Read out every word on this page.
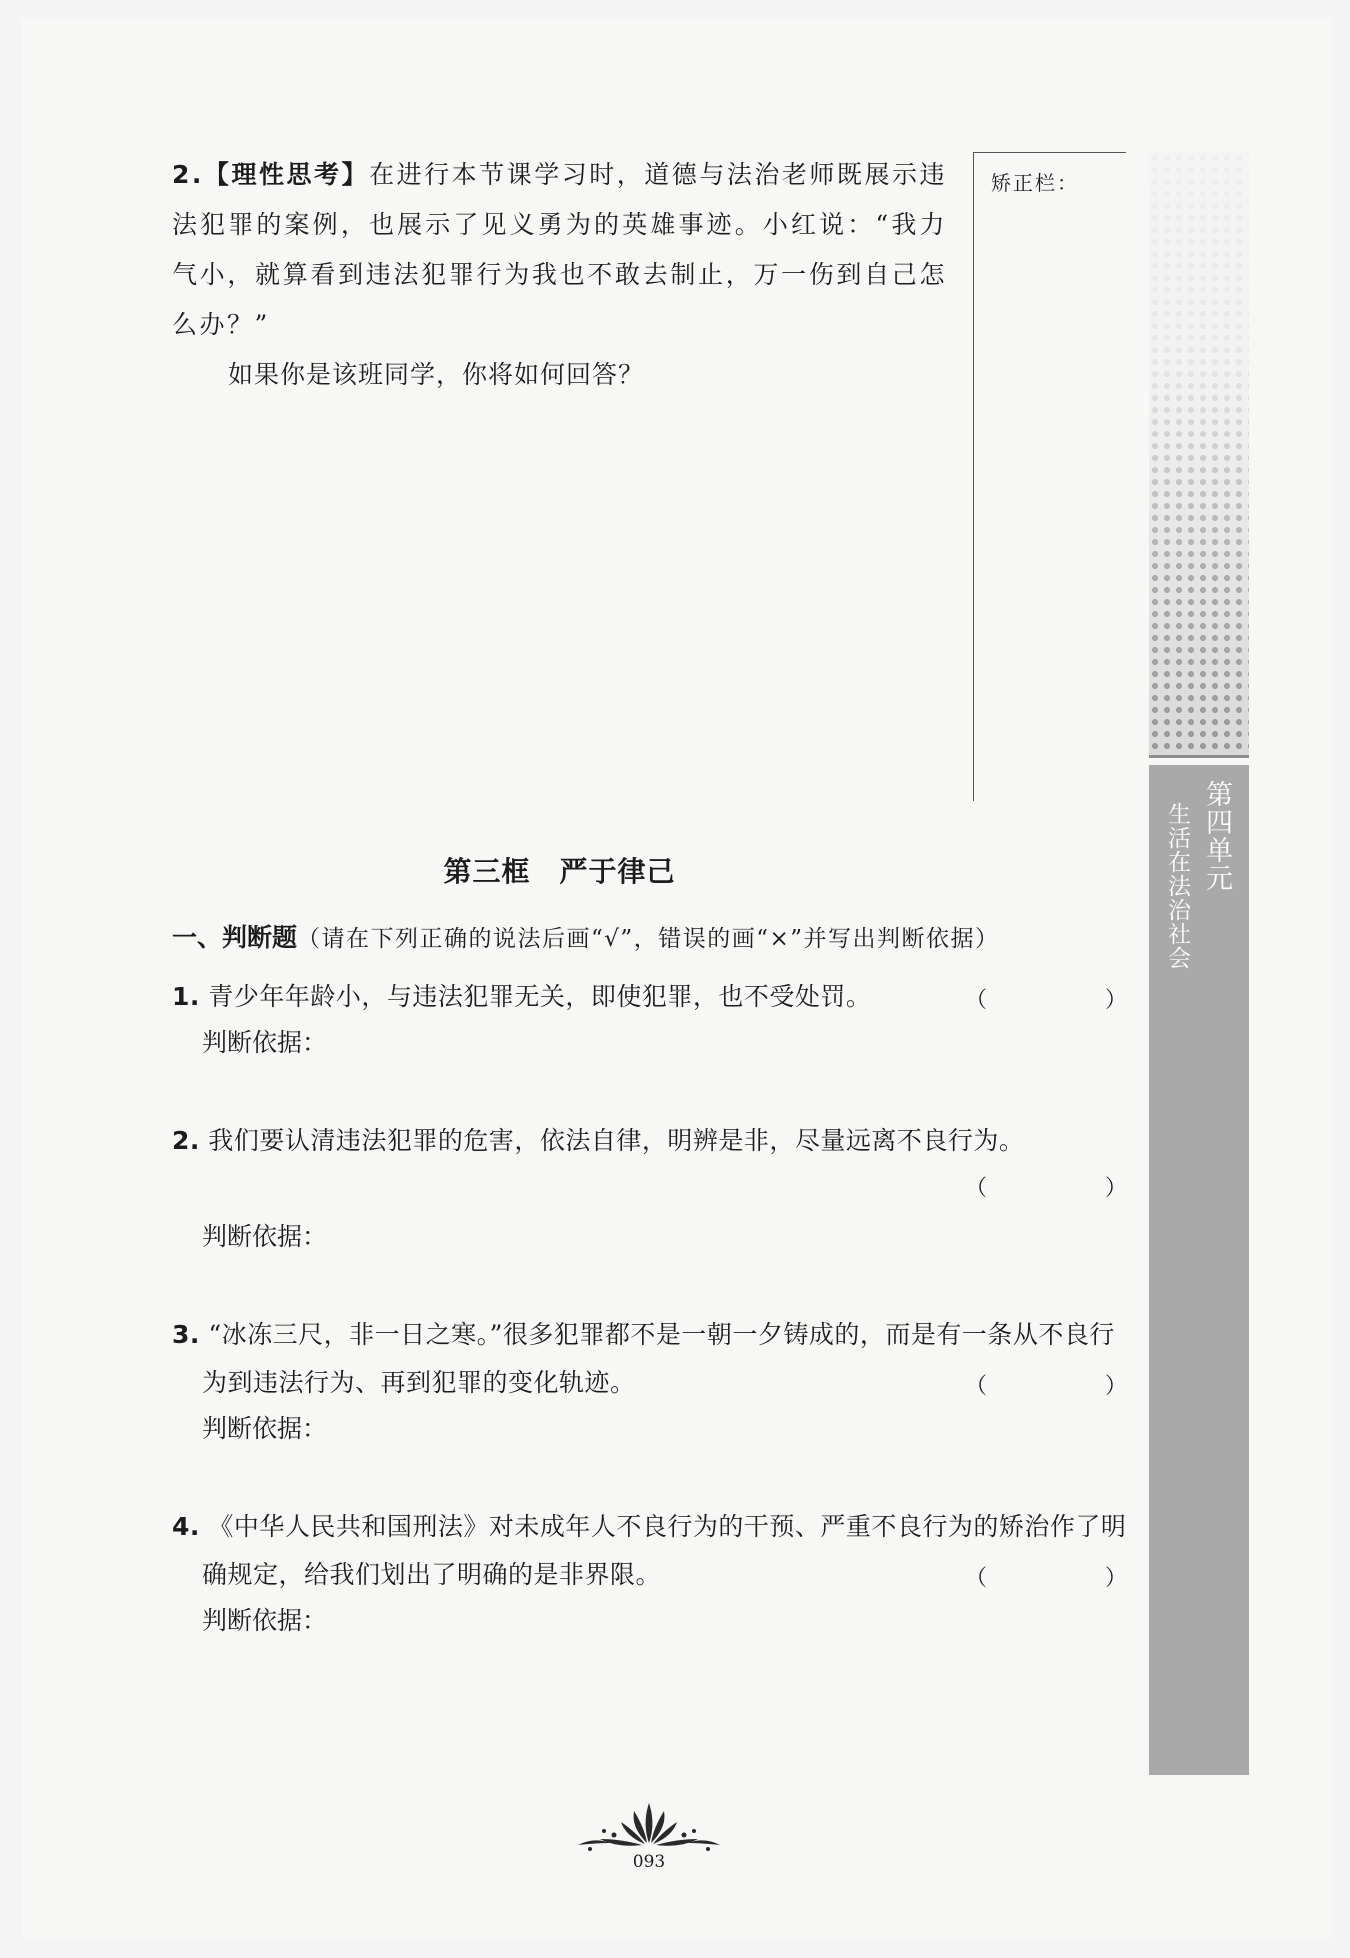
2.【理性思考】在进行本节课学习时，道德与法治老师既展示违法犯罪的案例，也展示了见义勇为的英雄事迹。小红说：“我力气小，就算看到违法犯罪行为我也不敢去制止，万一伤到自己怎么办？”

如果你是该班同学，你将如何回答？

矫正栏：
第四单元
生活在法治社会
第三框　严于律己
一、判断题（请在下列正确的说法后画“√”，错误的画“×”并写出判断依据）

1. 青少年年龄小，与违法犯罪无关，即使犯罪，也不受处罚。	（　）

判断依据：

2. 我们要认清违法犯罪的危害，依法自律，明辨是非，尽量远离不良行为。

（　）

判断依据：

3. “冰冻三尺，非一日之寒。”很多犯罪都不是一朝一夕铸成的，而是有一条从不良行为到违法行为、再到犯罪的变化轨迹。	（　）

判断依据：

4. 《中华人民共和国刑法》对未成年人不良行为的干预、严重不良行为的矫治作了明确规定，给我们划出了明确的是非界限。	（　）

判断依据：

093
